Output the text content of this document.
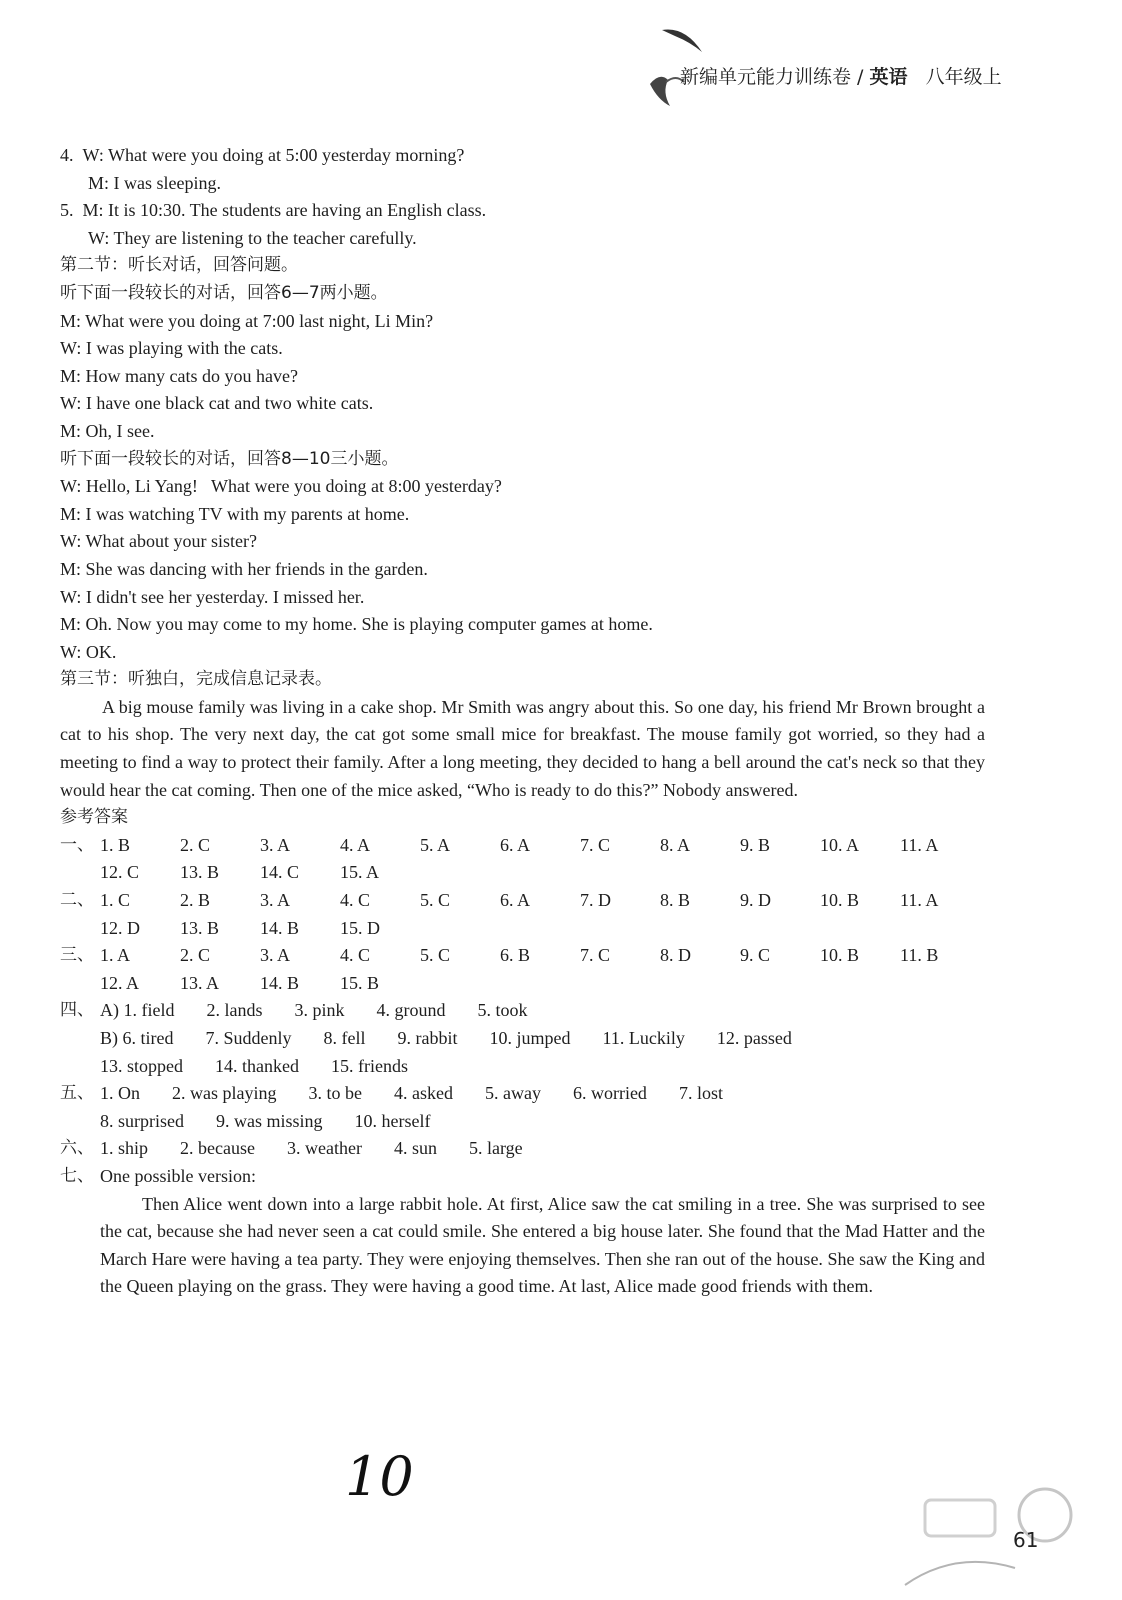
新编单元能力训练卷 / 英语 八年级上
4. W: What were you doing at 5:00 yesterday morning?
M: I was sleeping.
5. M: It is 10:30. The students are having an English class.
W: They are listening to the teacher carefully.
第二节：听长对话，回答问题。
听下面一段较长的对话，回答6—7两小题。
M: What were you doing at 7:00 last night, Li Min?
W: I was playing with the cats.
M: How many cats do you have?
W: I have one black cat and two white cats.
M: Oh, I see.
听下面一段较长的对话，回答8—10三小题。
W: Hello, Li Yang!   What were you doing at 8:00 yesterday?
M: I was watching TV with my parents at home.
W: What about your sister?
M: She was dancing with her friends in the garden.
W: I didn't see her yesterday. I missed her.
M: Oh. Now you may come to my home. She is playing computer games at home.
W: OK.
第三节：听独白，完成信息记录表。

A big mouse family was living in a cake shop. Mr Smith was angry about this. So one day, his friend Mr Brown brought a cat to his shop. The very next day, the cat got some small mice for breakfast. The mouse family got worried, so they had a meeting to find a way to protect their family. After a long meeting, they decided to hang a bell around the cat's neck so that they would hear the cat coming. Then one of the mice asked, “Who is ready to do this?” Nobody answered.

参考答案
一、 1. B	2. C	3. A	4. A	5. A	6. A	7. C	8. A	9. B	10. A	11. A
12. C	13. B	14. C	15. A
二、 1. C	2. B	3. A	4. C	5. C	6. A	7. D	8. B	9. D	10. B	11. A
12. D	13. B	14. B	15. D
三、 1. A	2. C	3. A	4. C	5. C	6. B	7. C	8. D	9. C	10. B	11. B
12. A	13. A	14. B	15. B
四、 A) 1. field 2. lands 3. pink 4. ground 5. took
B) 6. tired 7. Suddenly 8. fell 9. rabbit 10. jumped 11. Luckily 12. passed
13. stopped 14. thanked 15. friends
五、 1. On 2. was playing 3. to be 4. asked 5. away 6. worried 7. lost
8. surprised 9. was missing 10. herself
六、 1. ship 2. because 3. weather 4. sun 5. large
七、 One possible version:

Then Alice went down into a large rabbit hole. At first, Alice saw the cat smiling in a tree. She was surprised to see the cat, because she had never seen a cat could smile. She entered a big house later. She found that the Mad Hatter and the March Hare were having a tea party. They were enjoying themselves. Then she ran out of the house. She saw the King and the Queen playing on the grass. They were having a good time. At last, Alice made good friends with them.

10
61
